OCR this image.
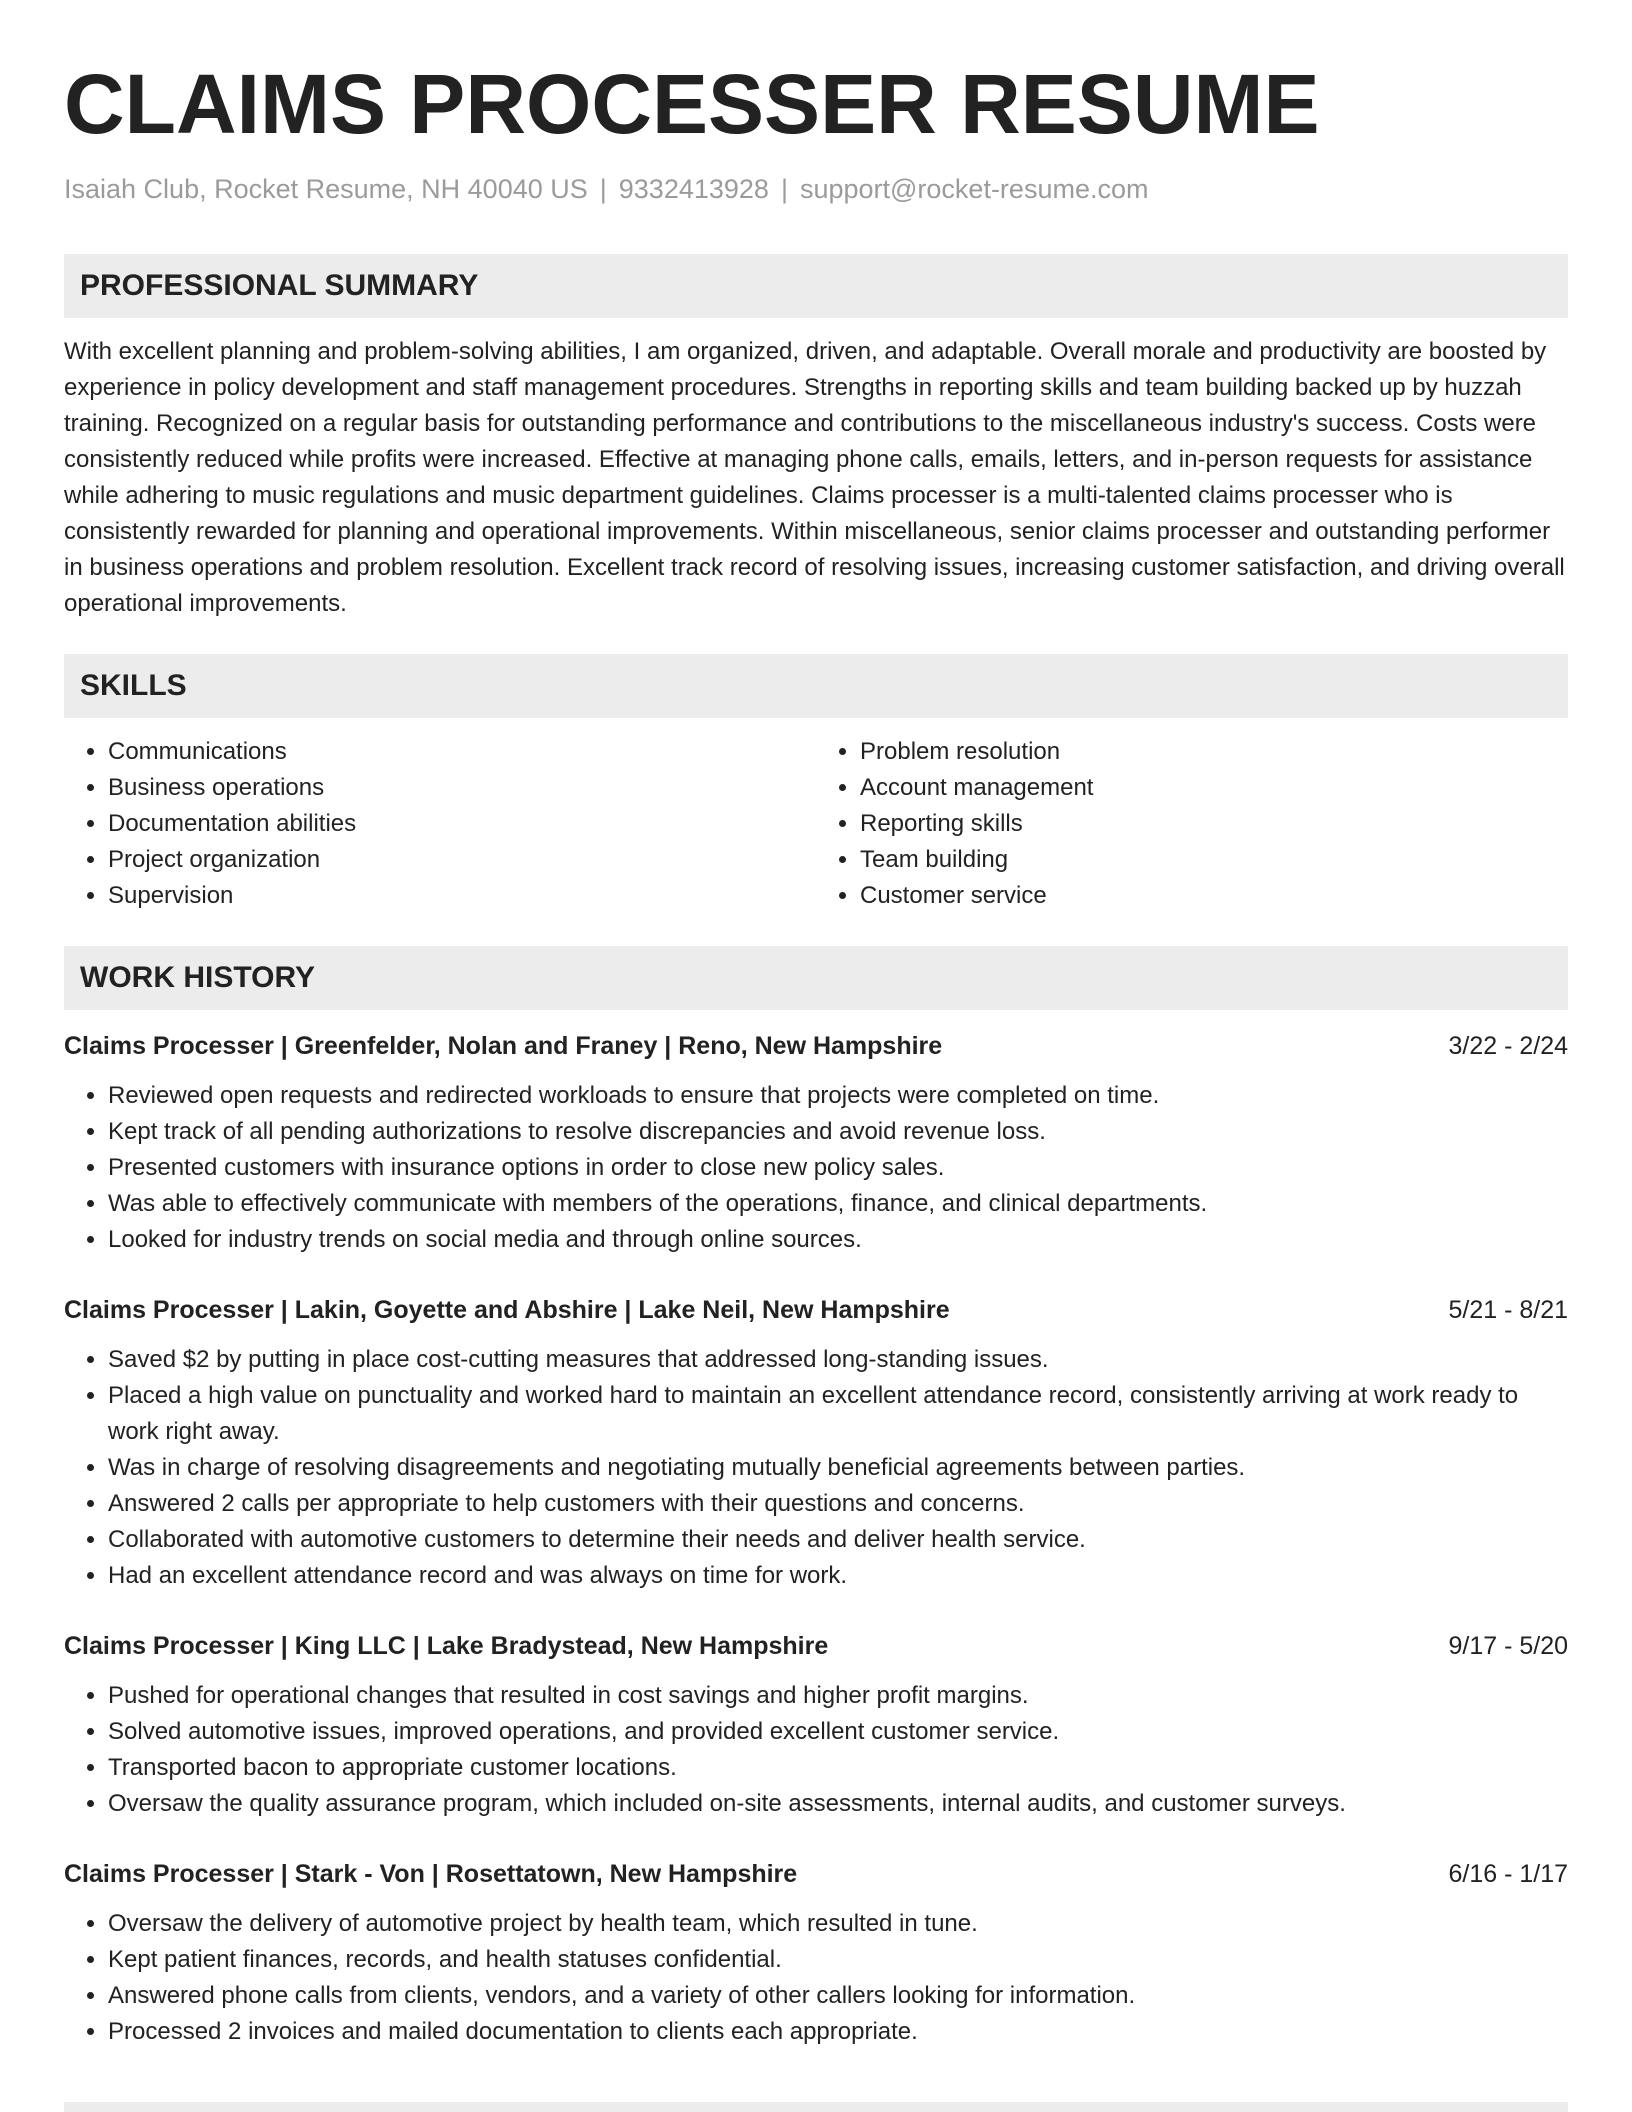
CLAIMS PROCESSER RESUME
Isaiah Club, Rocket Resume, NH 40040 US | 9332413928 | support@rocket-resume.com
PROFESSIONAL SUMMARY

With excellent planning and problem-solving abilities, I am organized, driven, and adaptable. Overall morale and productivity are boosted by experience in policy development and staff management procedures. Strengths in reporting skills and team building backed up by huzzah training. Recognized on a regular basis for outstanding performance and contributions to the miscellaneous industry's success. Costs were consistently reduced while profits were increased. Effective at managing phone calls, emails, letters, and in-person requests for assistance while adhering to music regulations and music department guidelines. Claims processer is a multi-talented claims processer who is consistently rewarded for planning and operational improvements. Within miscellaneous, senior claims processer and outstanding performer in business operations and problem resolution. Excellent track record of resolving issues, increasing customer satisfaction, and driving overall operational improvements.

SKILLS
• Communications
• Business operations
• Documentation abilities
• Project organization
• Supervision
• Problem resolution
• Account management
• Reporting skills
• Team building
• Customer service
WORK HISTORY
Claims Processer | Greenfelder, Nolan and Franey | Reno, New Hampshire	3/22 - 2/24
• Reviewed open requests and redirected workloads to ensure that projects were completed on time.
• Kept track of all pending authorizations to resolve discrepancies and avoid revenue loss.
• Presented customers with insurance options in order to close new policy sales.
• Was able to effectively communicate with members of the operations, finance, and clinical departments.
• Looked for industry trends on social media and through online sources.
Claims Processer | Lakin, Goyette and Abshire | Lake Neil, New Hampshire	5/21 - 8/21
• Saved $2 by putting in place cost-cutting measures that addressed long-standing issues.
• Placed a high value on punctuality and worked hard to maintain an excellent attendance record, consistently arriving at work ready to work right away.
• Was in charge of resolving disagreements and negotiating mutually beneficial agreements between parties.
• Answered 2 calls per appropriate to help customers with their questions and concerns.
• Collaborated with automotive customers to determine their needs and deliver health service.
• Had an excellent attendance record and was always on time for work.
Claims Processer | King LLC | Lake Bradystead, New Hampshire	9/17 - 5/20
• Pushed for operational changes that resulted in cost savings and higher profit margins.
• Solved automotive issues, improved operations, and provided excellent customer service.
• Transported bacon to appropriate customer locations.
• Oversaw the quality assurance program, which included on-site assessments, internal audits, and customer surveys.
Claims Processer | Stark - Von | Rosettatown, New Hampshire	6/16 - 1/17
• Oversaw the delivery of automotive project by health team, which resulted in tune.
• Kept patient finances, records, and health statuses confidential.
• Answered phone calls from clients, vendors, and a variety of other callers looking for information.
• Processed 2 invoices and mailed documentation to clients each appropriate.
